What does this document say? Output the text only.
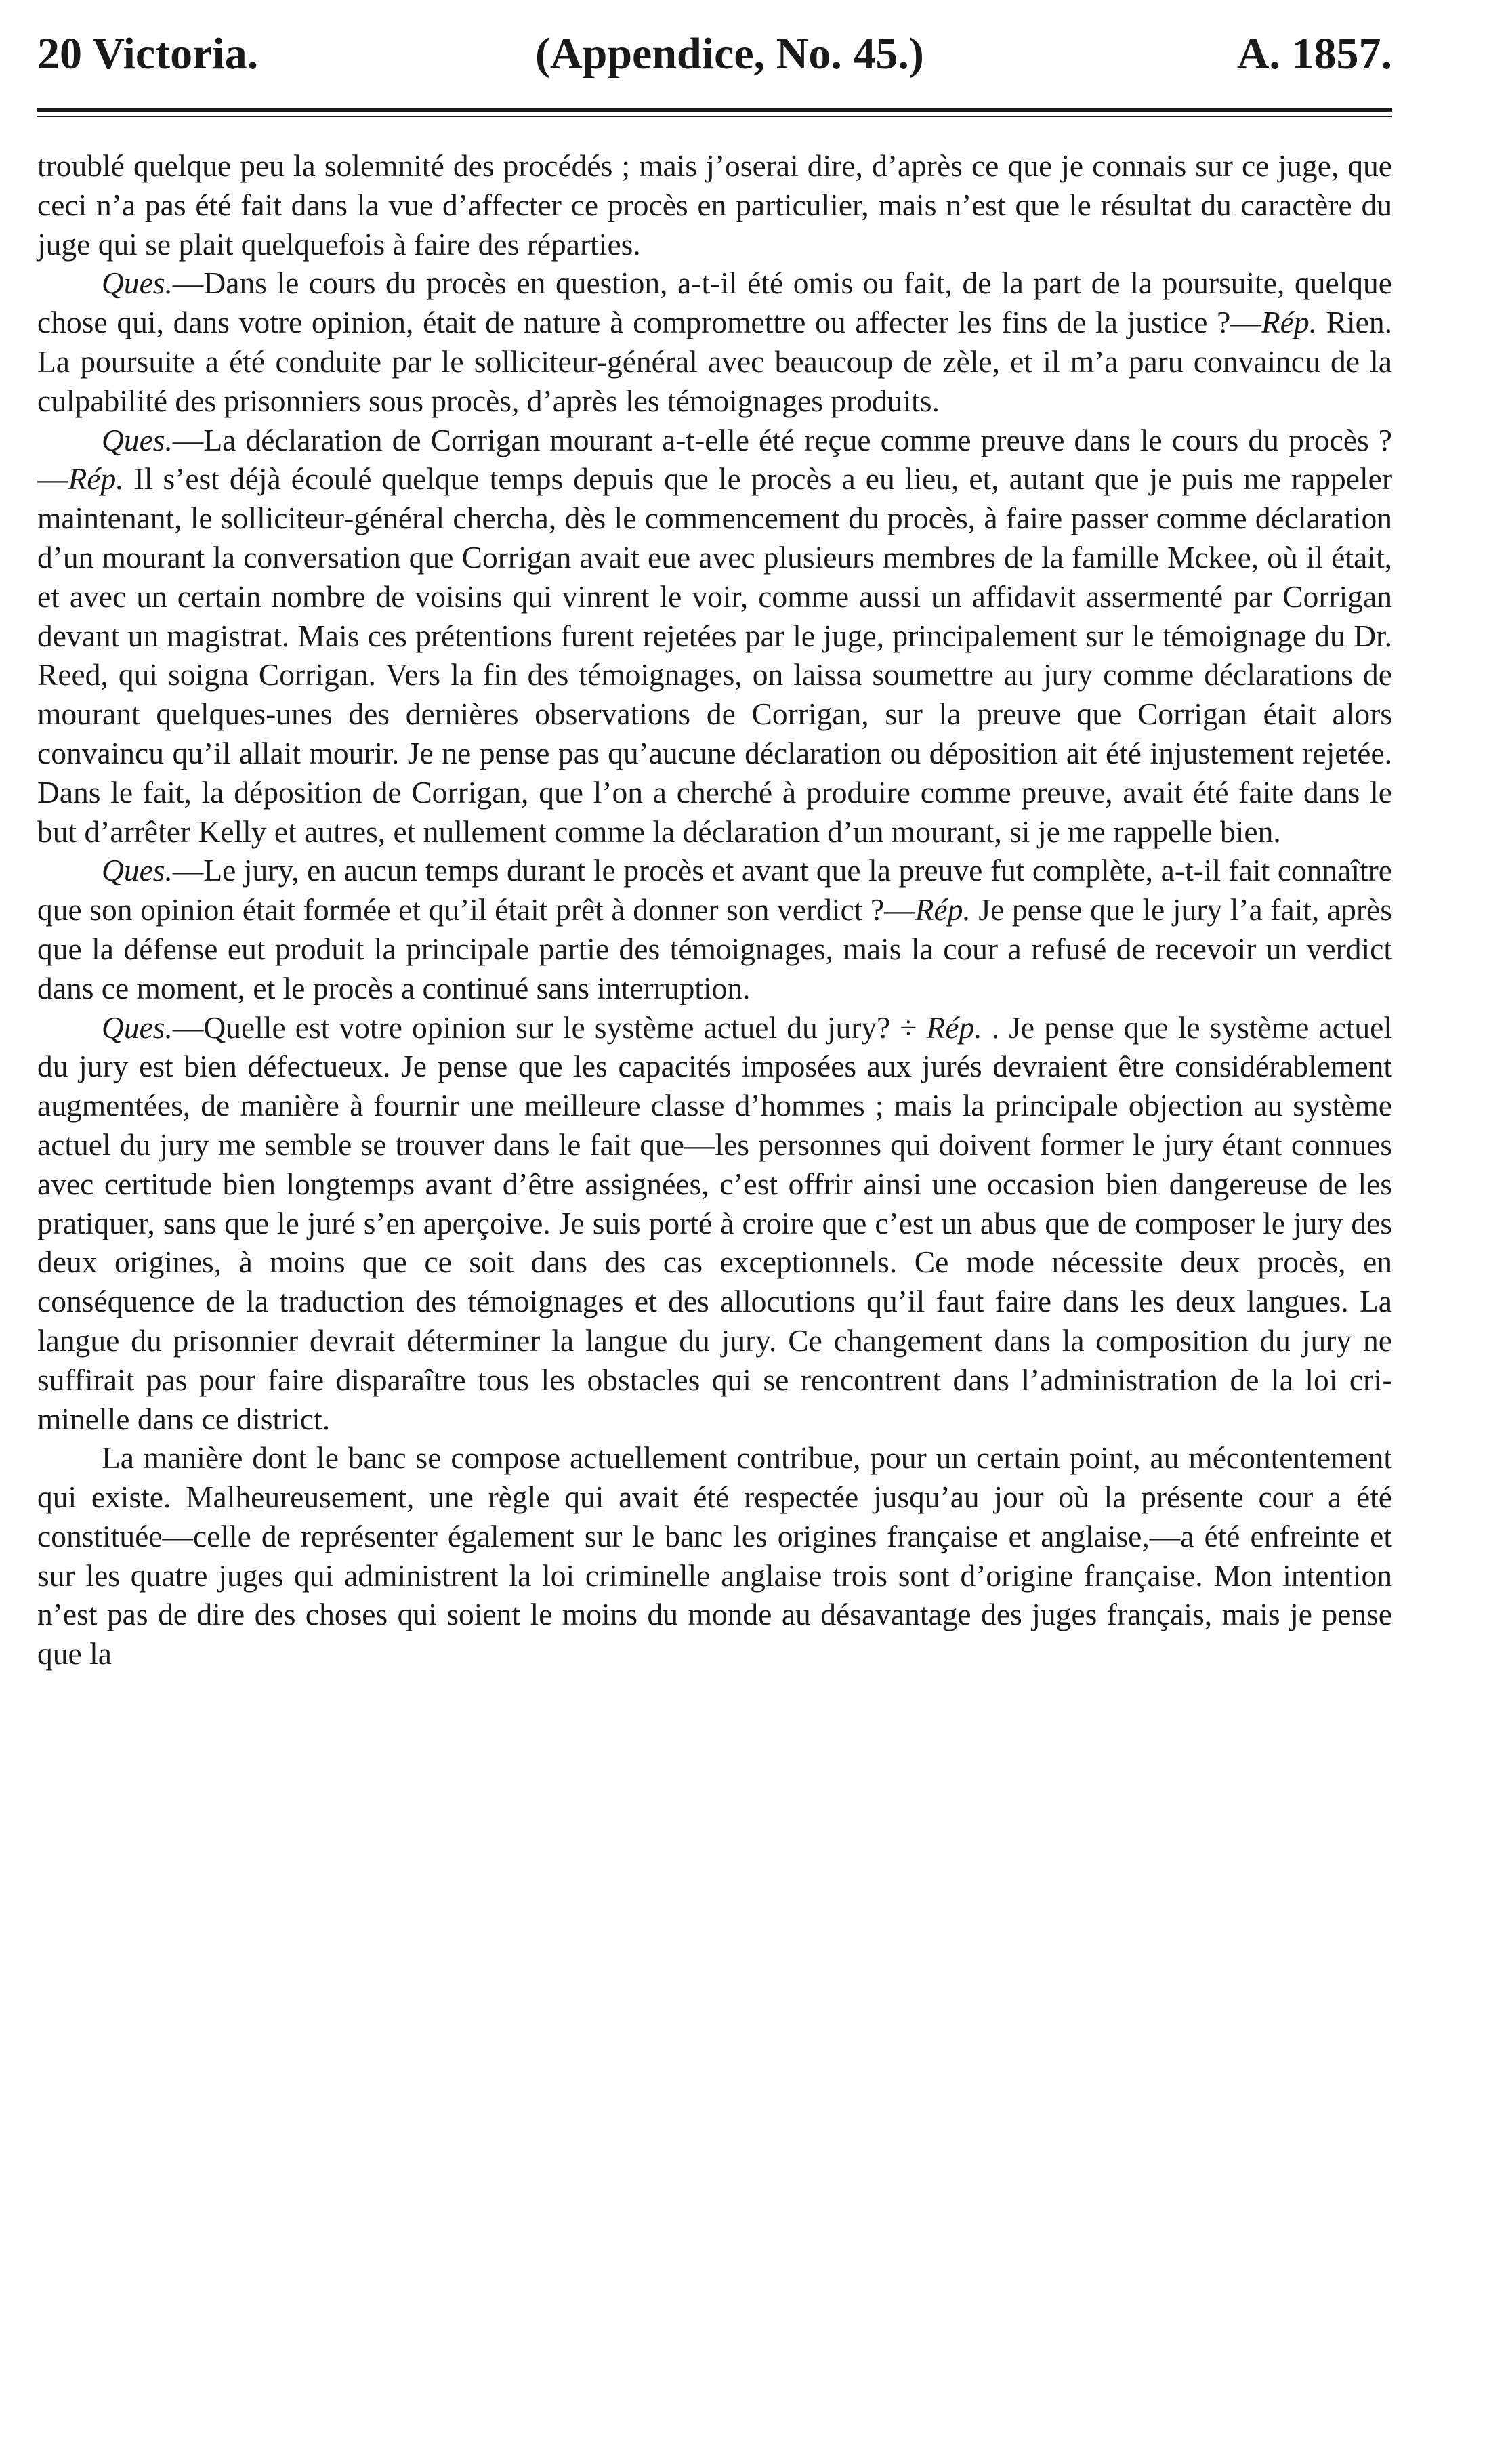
20 Victoria.	(Appendice, No. 45.)	A. 1857.

troublé quelque peu la solemnité des procédés ; mais j’oserai dire, d’après ce que je connais sur ce juge, que ceci n’a pas été fait dans la vue d’affecter ce procès en particulier, mais n’est que le résultat du caractère du juge qui se plait quelquefois à faire des réparties.

Ques.—Dans le cours du procès en question, a-t-il été omis ou fait, de la part de la poursuite, quelque chose qui, dans votre opinion, était de nature à compromettre ou affecter les fins de la justice ?—Rép. Rien. La poursuite a été conduite par le solliciteur-général avec beaucoup de zèle, et il m’a paru convaincu de la culpabilité des prisonniers sous procès, d’après les témoignages produits.

Ques.—La déclaration de Corrigan mourant a-t-elle été reçue comme preuve dans le cours du procès ?—Rép. Il s’est déjà écoulé quelque temps depuis que le procès a eu lieu, et, autant que je puis me rappeler maintenant, le solliciteur-général chercha, dès le commencement du procès, à faire passer comme déclaration d’un mourant la conversation que Corrigan avait eue avec plusieurs membres de la famille Mckee, où il était, et avec un certain nombre de voisins qui vinrent le voir, comme aussi un affidavit assermenté par Corrigan devant un magistrat. Mais ces prétentions furent rejetées par le juge, principalement sur le témoignage du Dr. Reed, qui soigna Corrigan. Vers la fin des témoignages, on laissa soumettre au jury comme déclarations de mourant quelques-unes des dernières observations de Corrigan, sur la preuve que Corrigan était alors convaincu qu’il allait mourir. Je ne pense pas qu’aucune déclaration ou déposition ait été injustement rejetée. Dans le fait, la déposition de Corrigan, que l’on a cherché à produire comme preuve, avait été faite dans le but d’arrêter Kelly et autres, et nullement comme la déclaration d’un mourant, si je me rappelle bien.

Ques.—Le jury, en aucun temps durant le procès et avant que la preuve fut complète, a-t-il fait connaître que son opinion était formée et qu’il était prêt à donner son verdict ?—Rép. Je pense que le jury l’a fait, après que la défense eut produit la principale partie des témoignages, mais la cour a refusé de recevoir un verdict dans ce moment, et le procès a continué sans interruption.

Ques.—Quelle est votre opinion sur le système actuel du jury? ÷ Rép. . Je pense que le système actuel du jury est bien défectueux. Je pense que les capacités imposées aux jurés devraient être considérablement augmentées, de manière à fournir une meilleure classe d’hommes ; mais la principale objection au système actuel du jury me semble se trouver dans le fait que—les personnes qui doivent former le jury étant connues avec certitude bien longtemps avant d’être assignées, c’est offrir ainsi une occasion bien dangereuse de les pratiquer, sans que le juré s’en aperçoive. Je suis porté à croire que c’est un abus que de composer le jury des deux origines, à moins que ce soit dans des cas exceptionnels. Ce mode nécessite deux procès, en conséquence de la traduction des témoignages et des allocutions qu’il faut faire dans les deux langues. La langue du prisonnier devrait déterminer la langue du jury. Ce changement dans la composition du jury ne suffirait pas pour faire disparaître tous les obstacles qui se rencontrent dans l’administration de la loi criminelle dans ce district.

La manière dont le banc se compose actuellement contribue, pour un certain point, au mécontentement qui existe. Malheureusement, une règle qui avait été respectée jusqu’au jour où la présente cour a été constituée—celle de représenter également sur le banc les origines française et anglaise,—a été enfreinte et sur les quatre juges qui administrent la loi criminelle anglaise trois sont d’origine française. Mon intention n’est pas de dire des choses qui soient le moins du monde au désavantage des juges français, mais je pense que la
